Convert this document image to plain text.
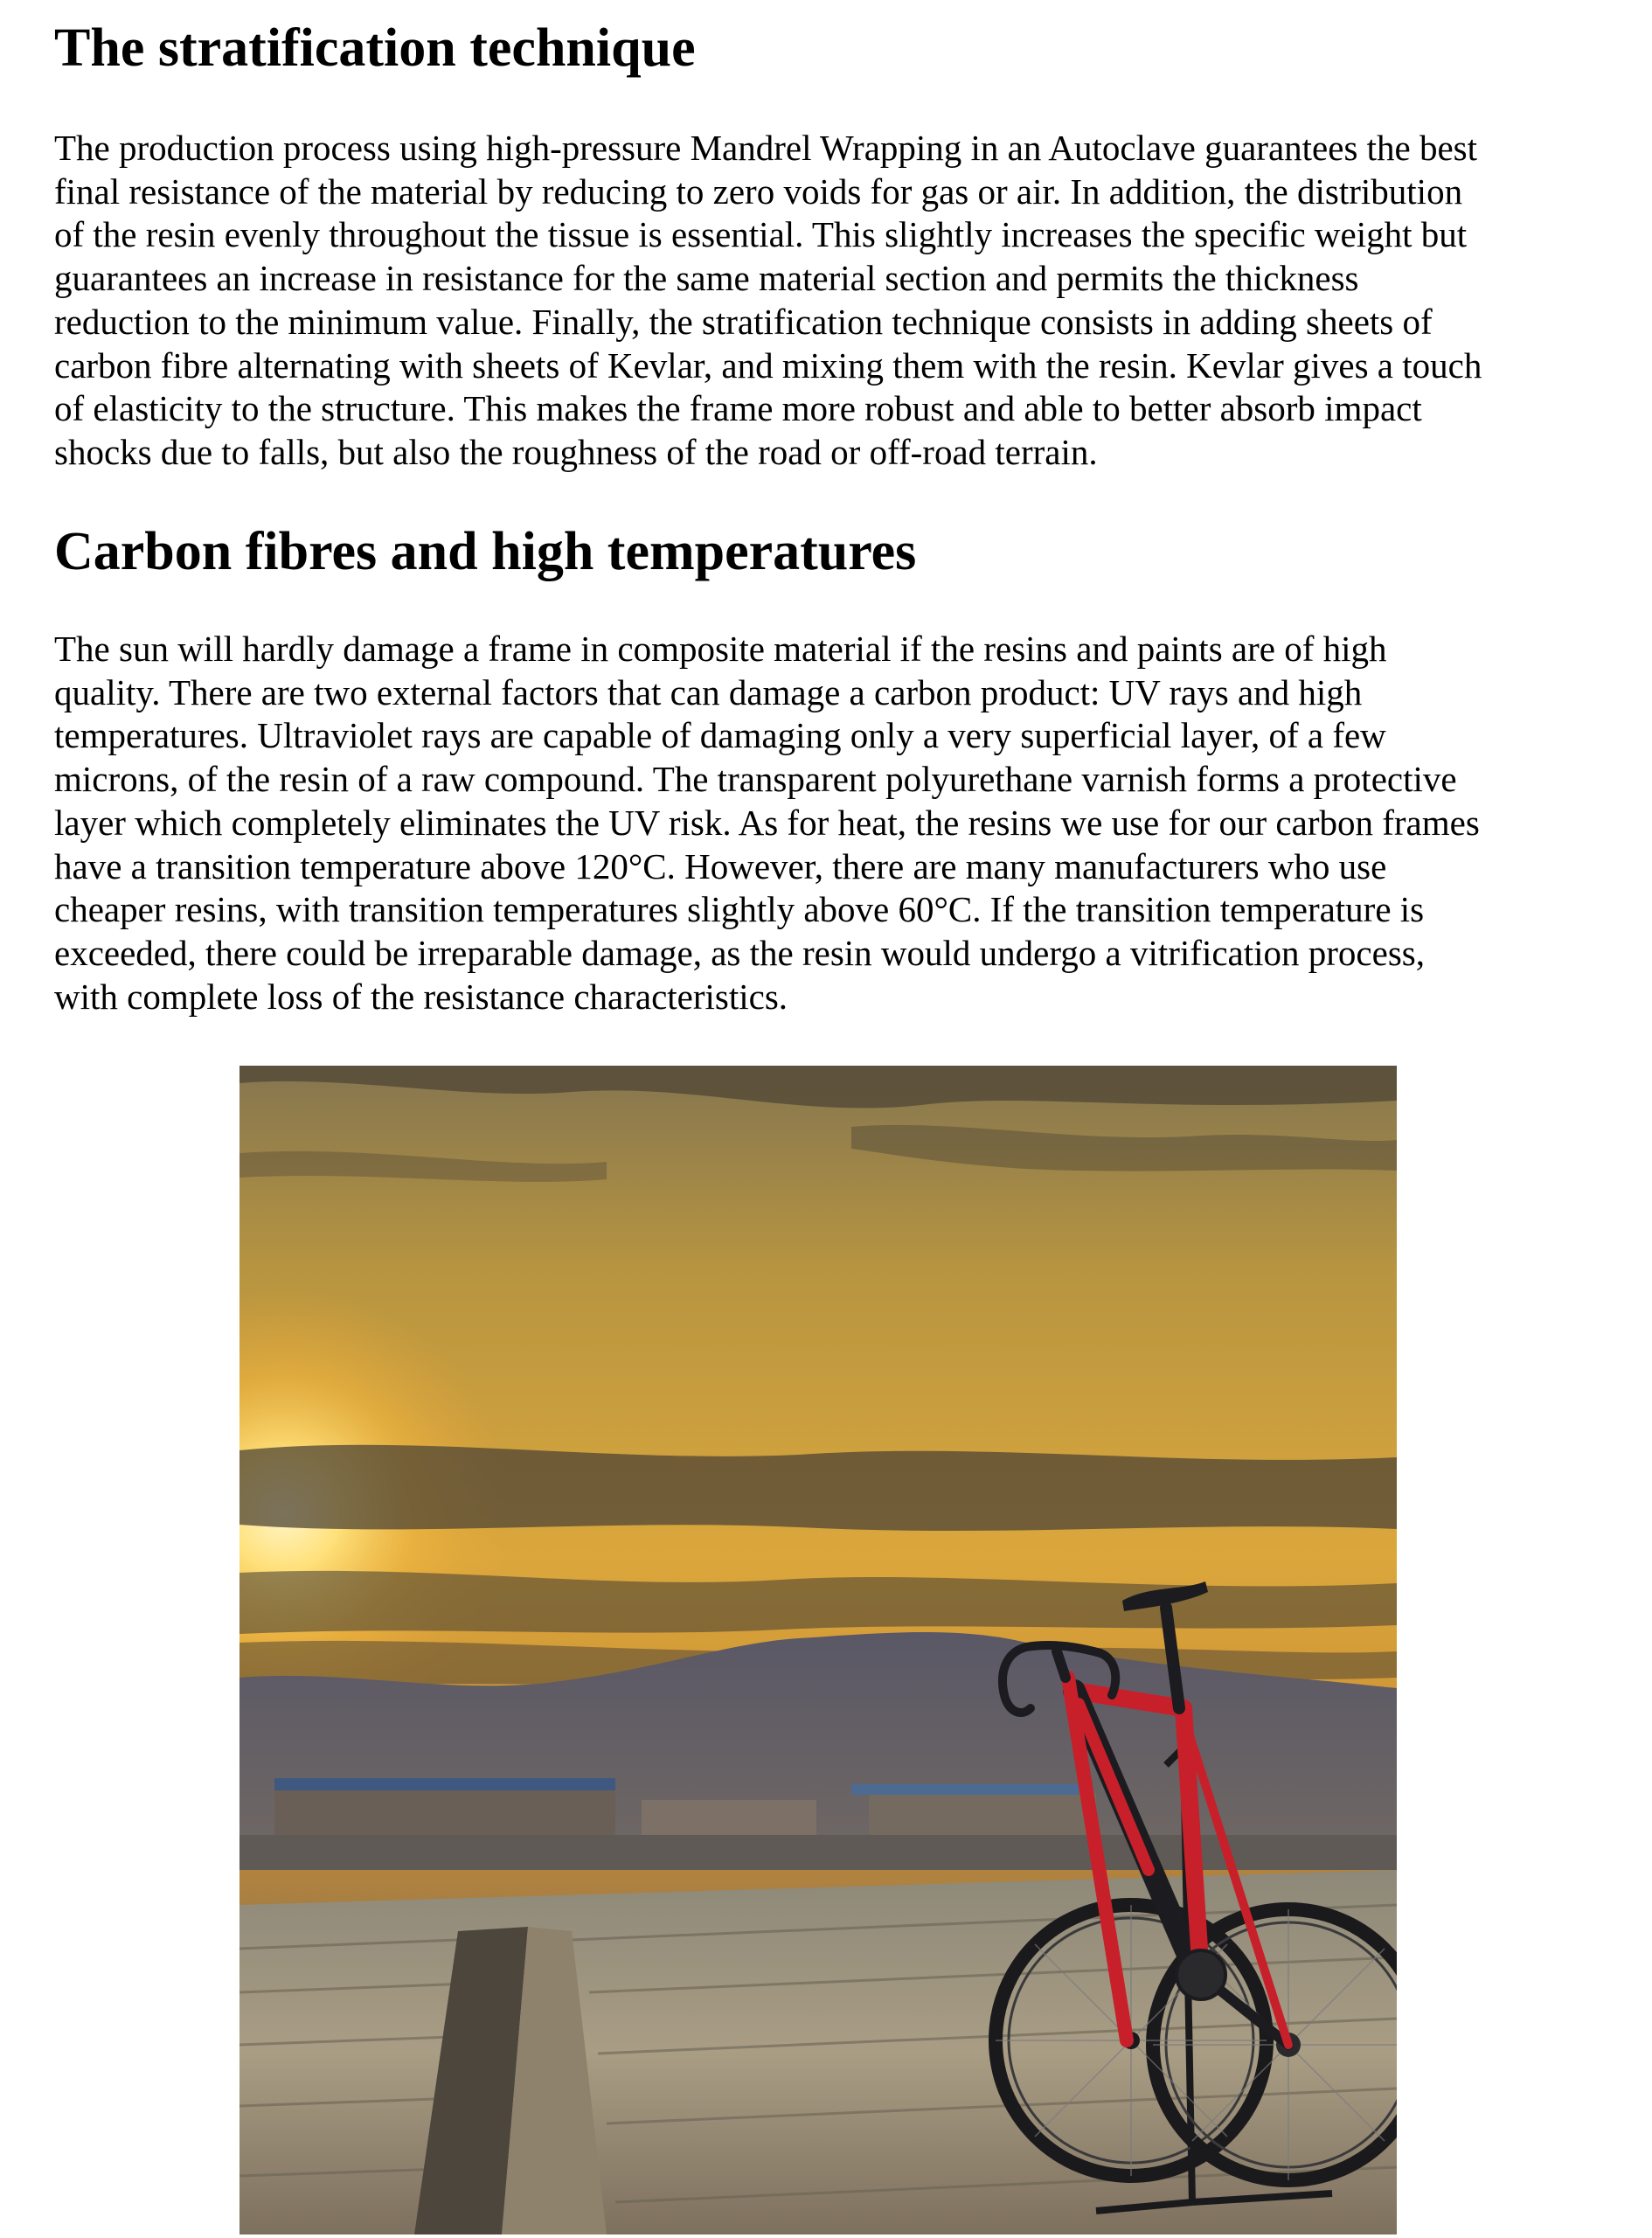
The stratification technique
The production process using high-pressure Mandrel Wrapping in an Autoclave guarantees the best
final resistance of the material by reducing to zero voids for gas or air. In addition, the distribution
of the resin evenly throughout the tissue is essential. This slightly increases the specific weight but
guarantees an increase in resistance for the same material section and permits the thickness
reduction to the minimum value. Finally, the stratification technique consists in adding sheets of
carbon fibre alternating with sheets of Kevlar, and mixing them with the resin. Kevlar gives a touch
of elasticity to the structure. This makes the frame more robust and able to better absorb impact
shocks due to falls, but also the roughness of the road or off-road terrain.
Carbon fibres and high temperatures
The sun will hardly damage a frame in composite material if the resins and paints are of high
quality. There are two external factors that can damage a carbon product: UV rays and high
temperatures. Ultraviolet rays are capable of damaging only a very superficial layer, of a few
microns, of the resin of a raw compound. The transparent polyurethane varnish forms a protective
layer which completely eliminates the UV risk. As for heat, the resins we use for our carbon frames
have a transition temperature above 120°C. However, there are many manufacturers who use
cheaper resins, with transition temperatures slightly above 60°C. If the transition temperature is
exceeded, there could be irreparable damage, as the resin would undergo a vitrification process,
with complete loss of the resistance characteristics.
